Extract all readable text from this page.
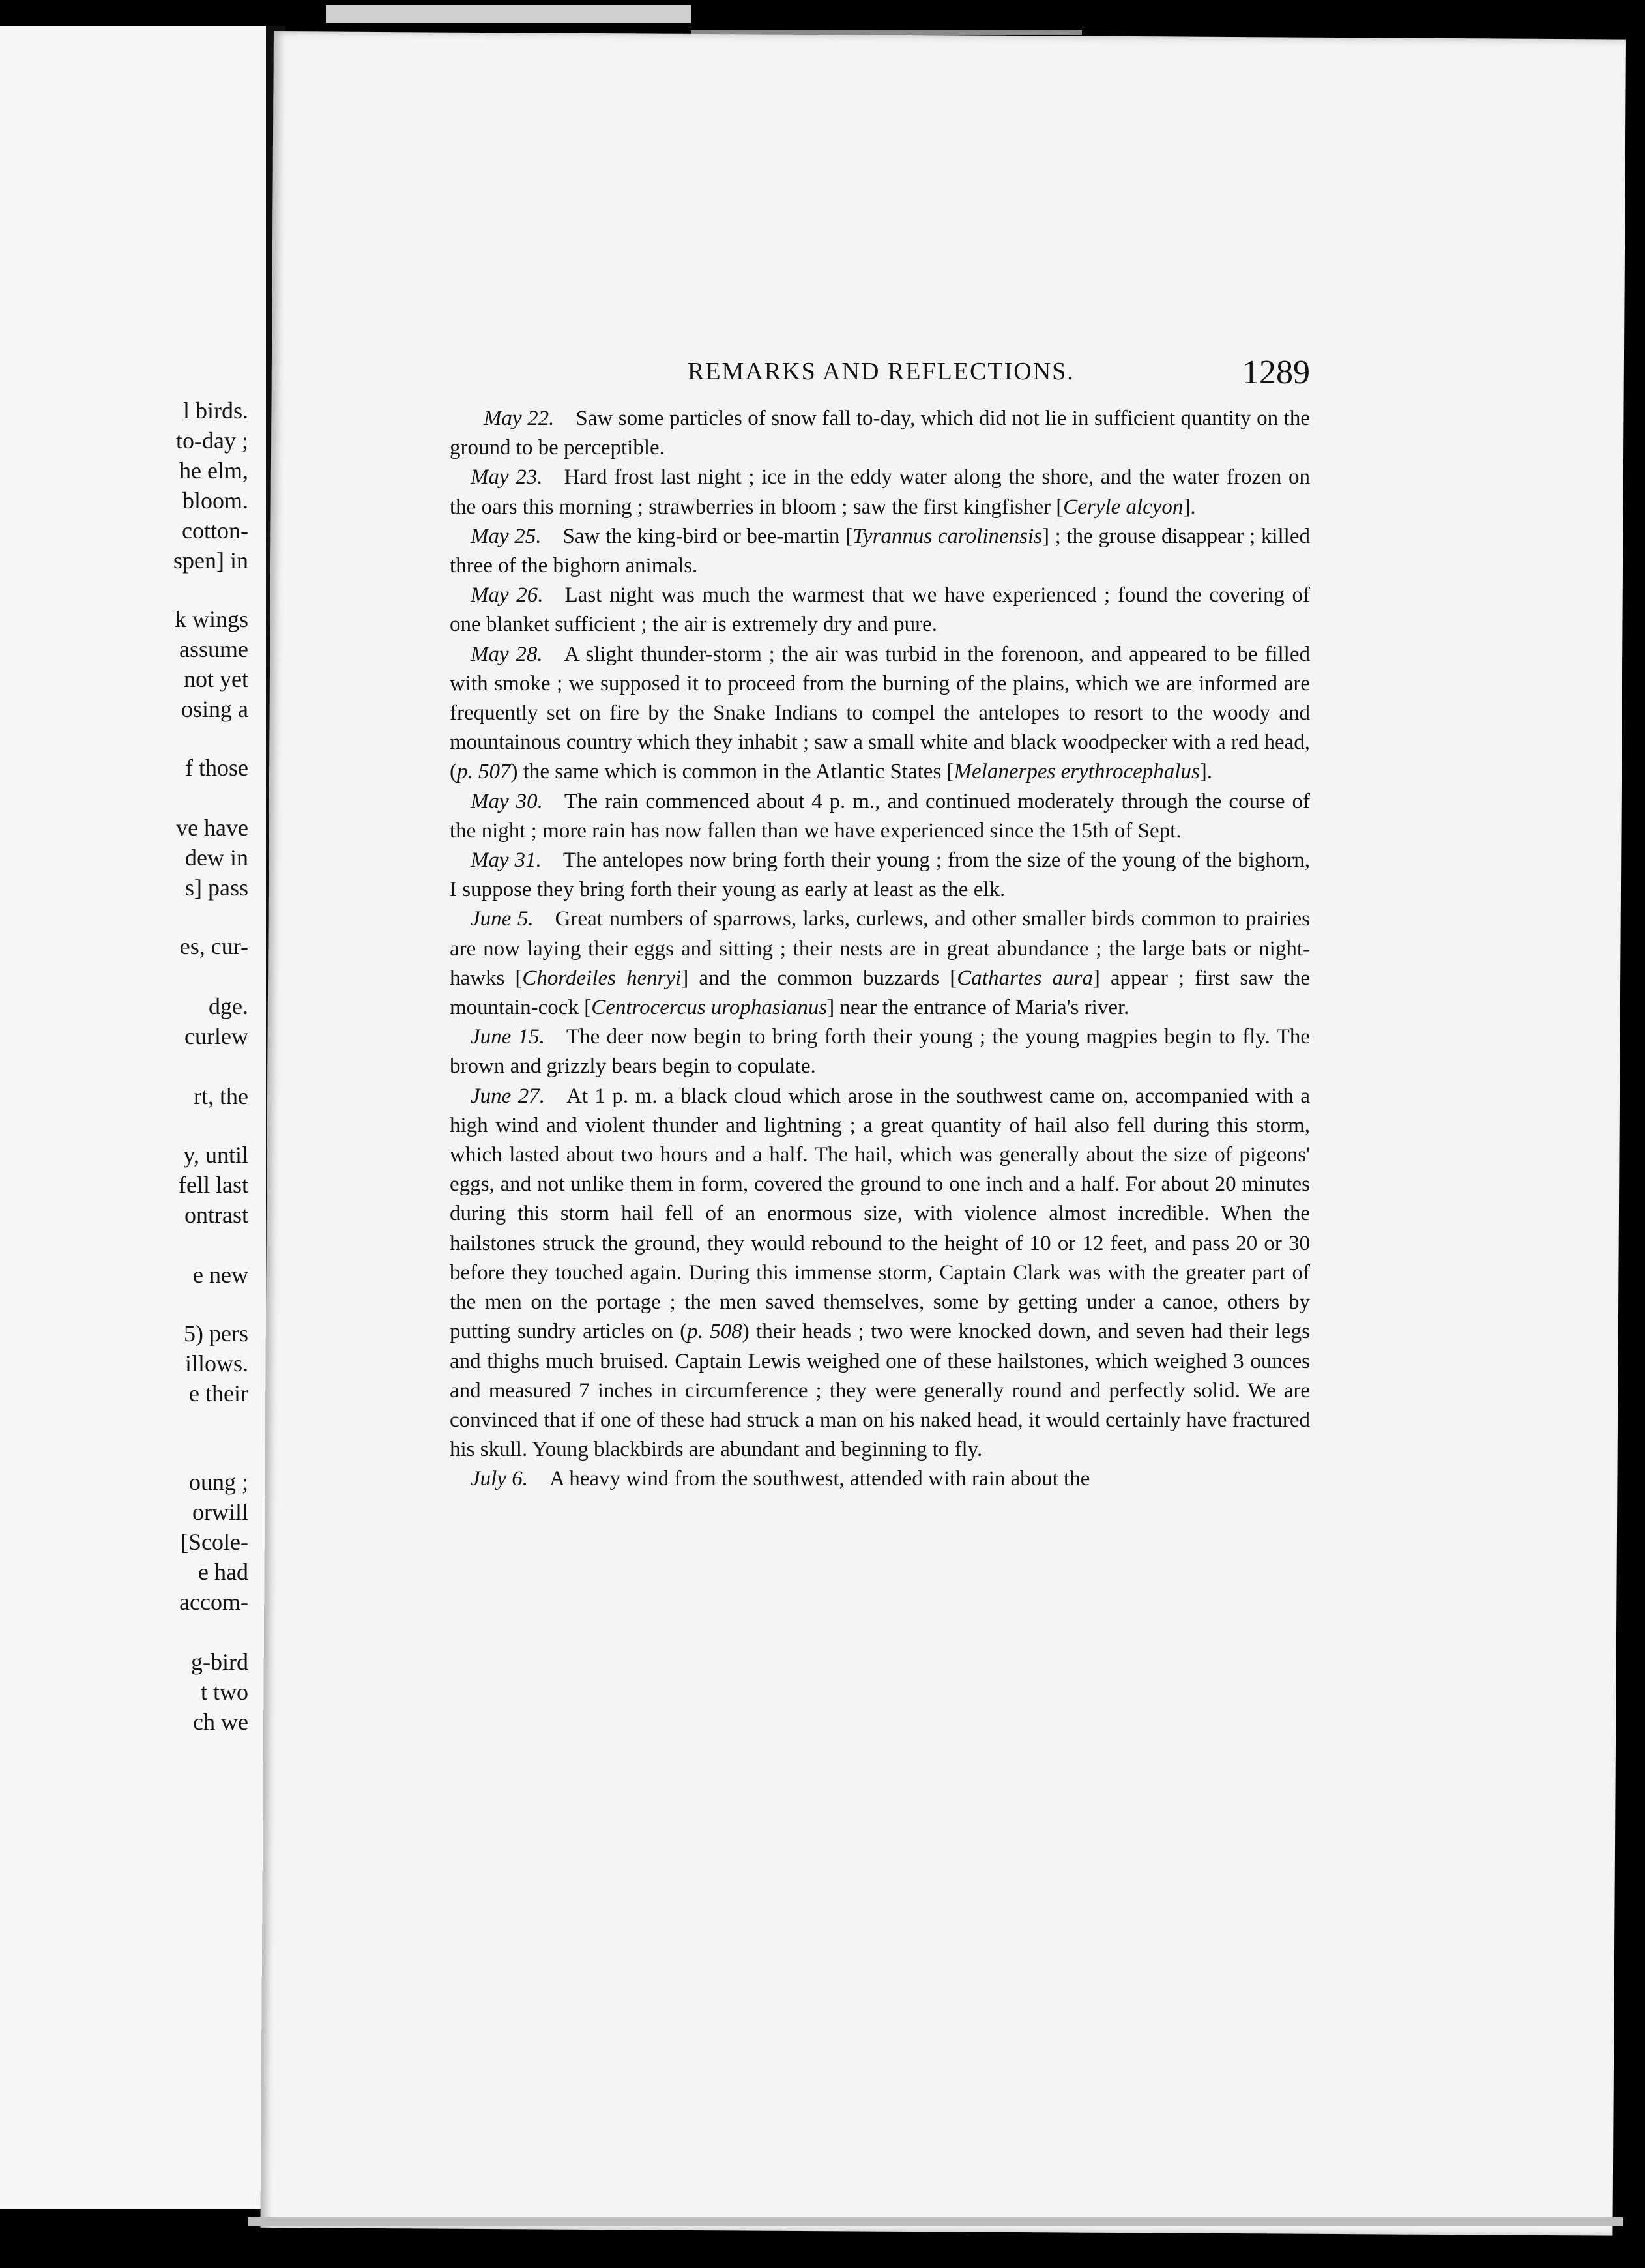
l birds.
to-day ;
he elm,
bloom.
cotton-
spen] in
k wings
assume
not yet
osing a
f those
ve have
dew in
s] pass
es, cur-
dge.
curlew
rt, the
y, until
fell last
ontrast
e new
5) pers
illows.
e their
oung ;
orwill
[Scole-
e had
accom-
g-bird
t two
ch we
REMARKS AND REFLECTIONS.	1289

May 22.  Saw some particles of snow fall to-day, which did not lie in sufficient quantity on the ground to be perceptible.

May 23.  Hard frost last night ; ice in the eddy water along the shore, and the water frozen on the oars this morning ; strawberries in bloom ; saw the first kingfisher [Ceryle alcyon].

May 25.  Saw the king-bird or bee-martin [Tyrannus carolinensis] ; the grouse disappear ; killed three of the bighorn animals.

May 26.  Last night was much the warmest that we have experienced ; found the covering of one blanket sufficient ; the air is extremely dry and pure.

May 28.  A slight thunder-storm ; the air was turbid in the forenoon, and appeared to be filled with smoke ; we supposed it to proceed from the burning of the plains, which we are informed are frequently set on fire by the Snake Indians to compel the antelopes to resort to the woody and mountainous country which they inhabit ; saw a small white and black woodpecker with a red head, (p. 507) the same which is common in the Atlantic States [Melanerpes erythrocephalus].

May 30.  The rain commenced about 4 p. m., and continued moderately through the course of the night ; more rain has now fallen than we have experienced since the 15th of Sept.

May 31.  The antelopes now bring forth their young ; from the size of the young of the bighorn, I suppose they bring forth their young as early at least as the elk.

June 5.  Great numbers of sparrows, larks, curlews, and other smaller birds common to prairies are now laying their eggs and sitting ; their nests are in great abundance ; the large bats or night-hawks [Chordeiles henryi] and the common buzzards [Cathartes aura] appear ; first saw the mountain-cock [Centrocercus urophasianus] near the entrance of Maria's river.

June 15.  The deer now begin to bring forth their young ; the young magpies begin to fly. The brown and grizzly bears begin to copulate.

June 27.  At 1 p. m. a black cloud which arose in the southwest came on, accompanied with a high wind and violent thunder and lightning ; a great quantity of hail also fell during this storm, which lasted about two hours and a half. The hail, which was generally about the size of pigeons' eggs, and not unlike them in form, covered the ground to one inch and a half. For about 20 minutes during this storm hail fell of an enormous size, with violence almost incredible. When the hailstones struck the ground, they would rebound to the height of 10 or 12 feet, and pass 20 or 30 before they touched again. During this immense storm, Captain Clark was with the greater part of the men on the portage ; the men saved themselves, some by getting under a canoe, others by putting sundry articles on (p. 508) their heads ; two were knocked down, and seven had their legs and thighs much bruised. Captain Lewis weighed one of these hailstones, which weighed 3 ounces and measured 7 inches in circumference ; they were generally round and perfectly solid. We are convinced that if one of these had struck a man on his naked head, it would certainly have fractured his skull. Young blackbirds are abundant and beginning to fly.

July 6.  A heavy wind from the southwest, attended with rain about the
